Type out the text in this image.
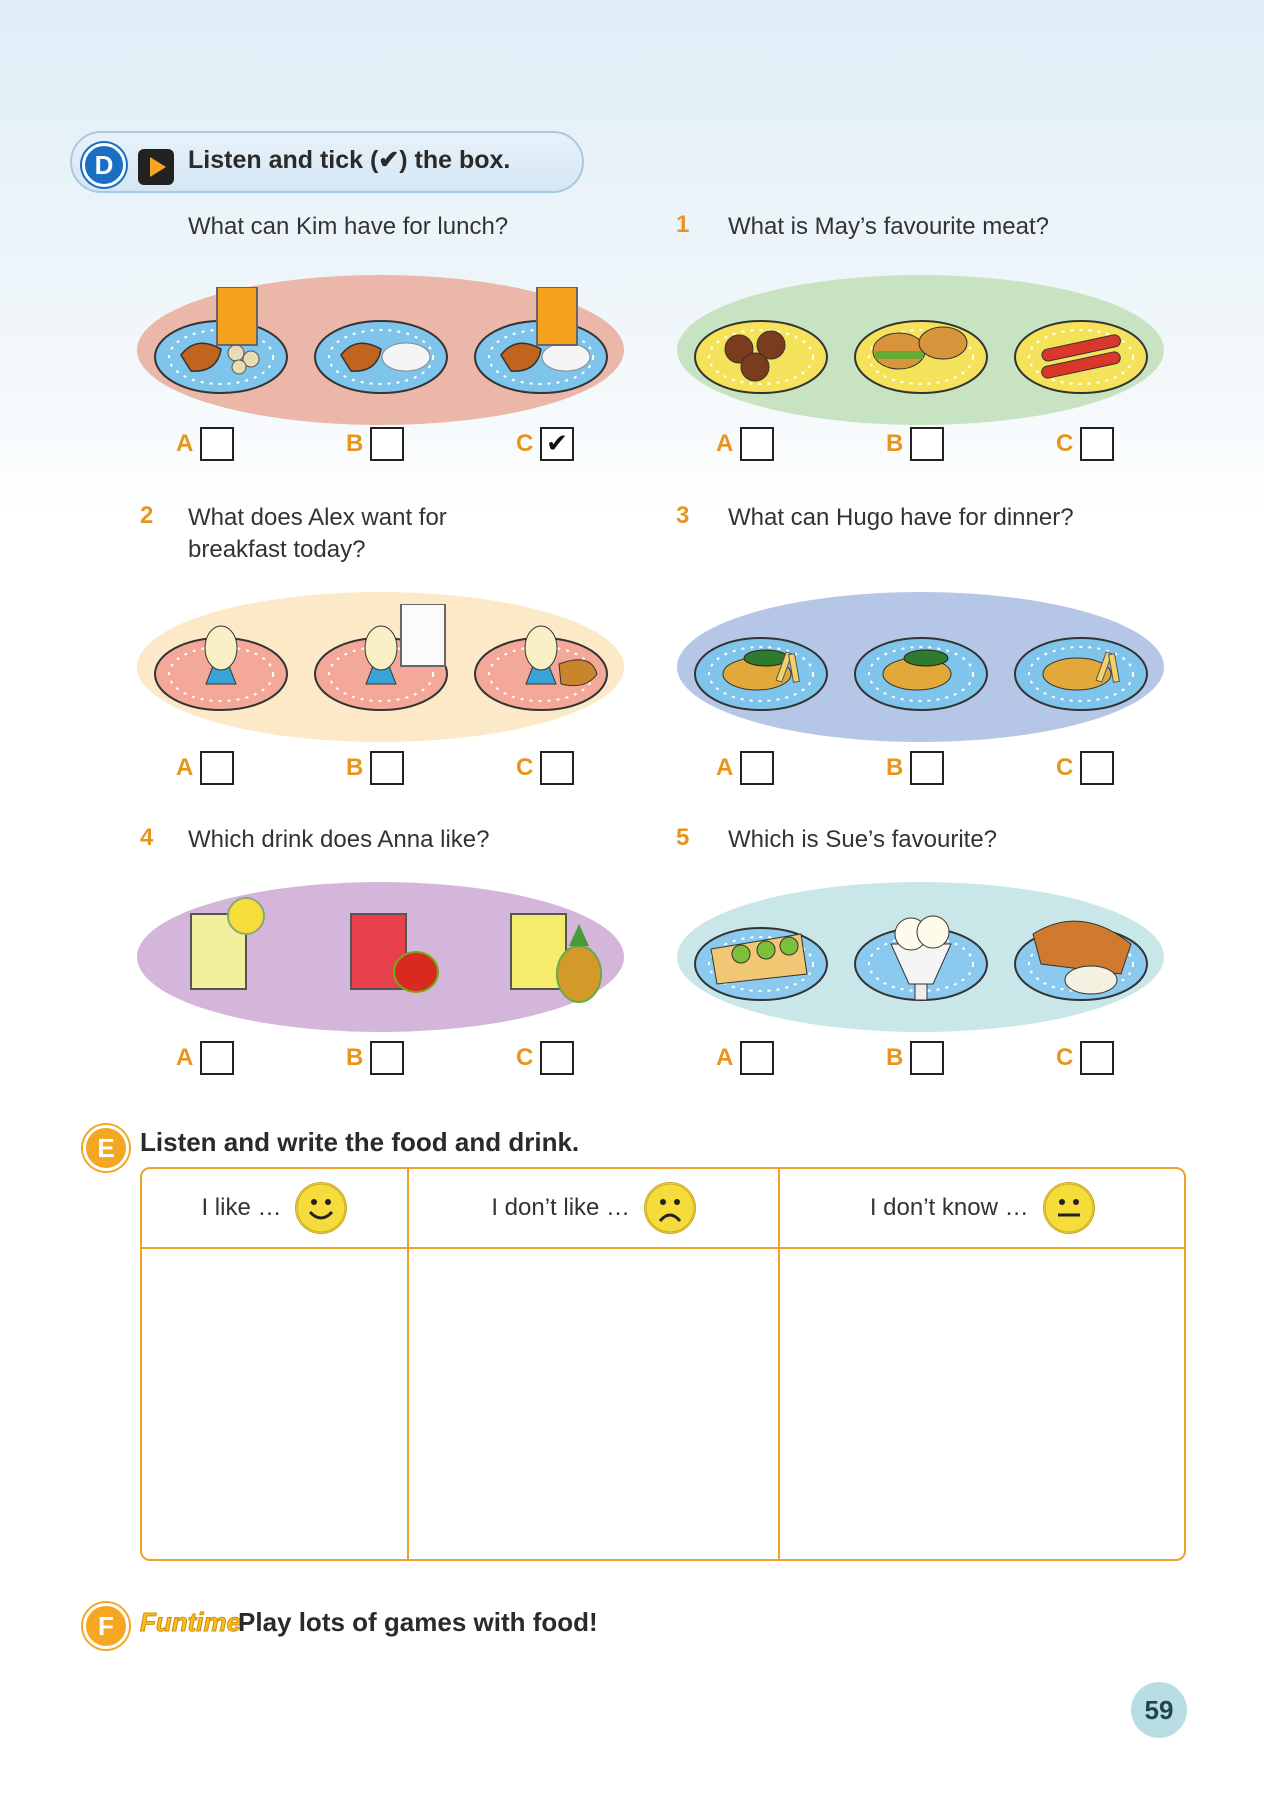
D	Listen and tick (✔) the box.
What can Kim have for lunch?
A	B	C ✔
1 What is May’s favourite meat?
A	B	C
2 What does Alex want for breakfast today?
A	B	C
3 What can Hugo have for dinner?
A	B	C
4 Which drink does Anna like?
A	B	C
5 Which is Sue’s favourite?
A	B	C
E Listen and write the food and drink.
I like …	I don’t like …	I don’t know …

F	Funtime
Play lots of games with food!
59
